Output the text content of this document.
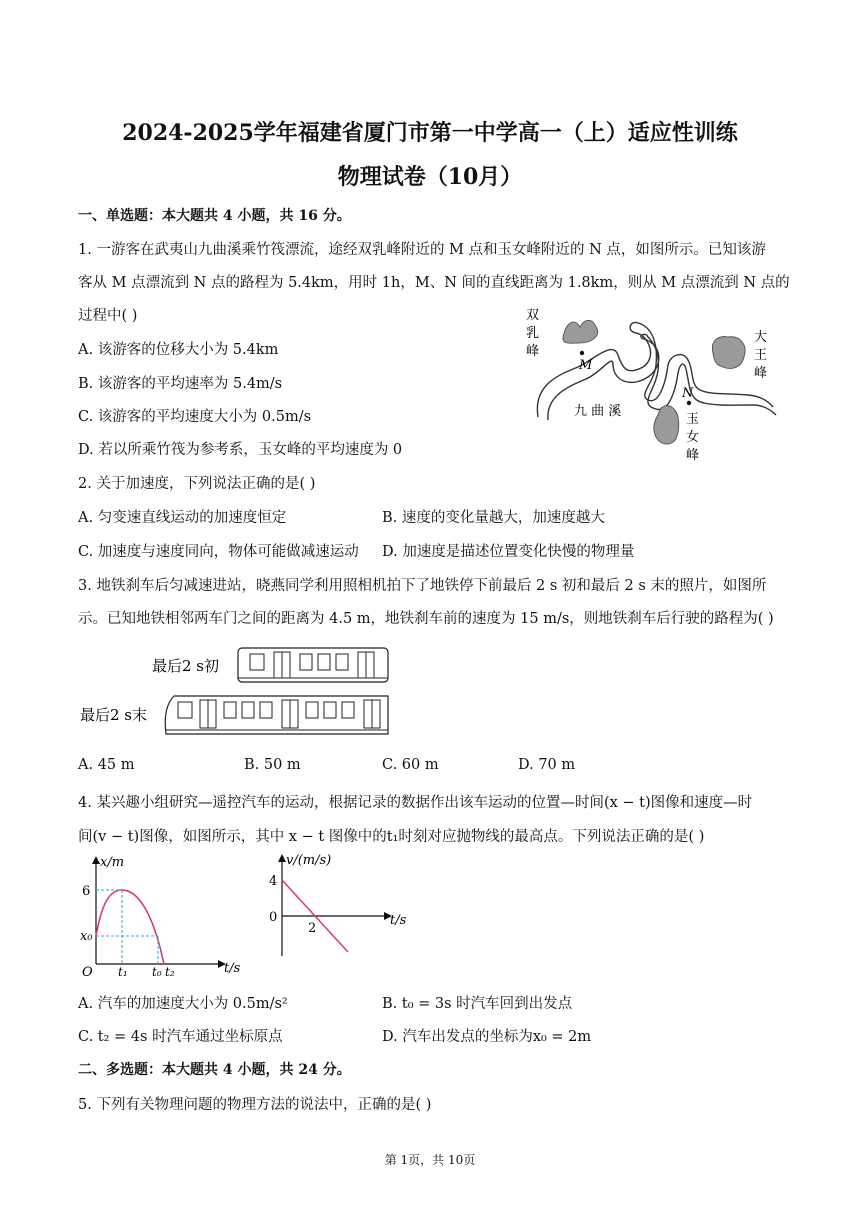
2024-2025学年福建省厦门市第一中学高一（上）适应性训练
物理试卷（10月）
一、单选题：本大题共 4 小题，共 16 分。
1. 一游客在武夷山九曲溪乘竹筏漂流，途经双乳峰附近的 M 点和玉女峰附近的 N 点，如图所示。已知该游
客从 M 点漂流到 N 点的路程为 5.4km，用时 1h，M、N 间的直线距离为 1.8km，则从 M 点漂流到 N 点的
过程中( )
A. 该游客的位移大小为 5.4km
B. 该游客的平均速率为 5.4m/s
C. 该游客的平均速度大小为 0.5m/s
D. 若以所乘竹筏为参考系，玉女峰的平均速度为 0
M
N
双
乳
峰
大
王
峰
玉
女
峰
九 曲 溪
2. 关于加速度，下列说法正确的是( )
A. 匀变速直线运动的加速度恒定	B. 速度的变化量越大，加速度越大
C. 加速度与速度同向，物体可能做减速运动 D. 加速度是描述位置变化快慢的物理量
3. 地铁刹车后匀减速进站，晓燕同学利用照相机拍下了地铁停下前最后 2 s 初和最后 2 s 末的照片，如图所
示。已知地铁相邻两车门之间的距离为 4.5 m，地铁刹车前的速度为 15 m/s，则地铁刹车后行驶的路程为( )
最后2 s初
最后2 s末
A. 45 m	B. 50 m	C. 60 m	D. 70 m
4. 某兴趣小组研究—遥控汽车的运动，根据记录的数据作出该车运动的位置—时间(x − t)图像和速度—时
间(v − t)图像，如图所示，其中 x − t 图像中的t₁时刻对应抛物线的最高点。下列说法正确的是( )
x/m
t/s
6
x₀
O t₁ t₀ t₂
v/(m/s)
t/s
4
0
2
A. 汽车的加速度大小为 0.5m/s²	B. t₀ = 3s 时汽车回到出发点
C. t₂ = 4s 时汽车通过坐标原点	D. 汽车出发点的坐标为x₀ = 2m
二、多选题：本大题共 4 小题，共 24 分。
5. 下列有关物理问题的物理方法的说法中，正确的是( )
第 1页，共 10页
